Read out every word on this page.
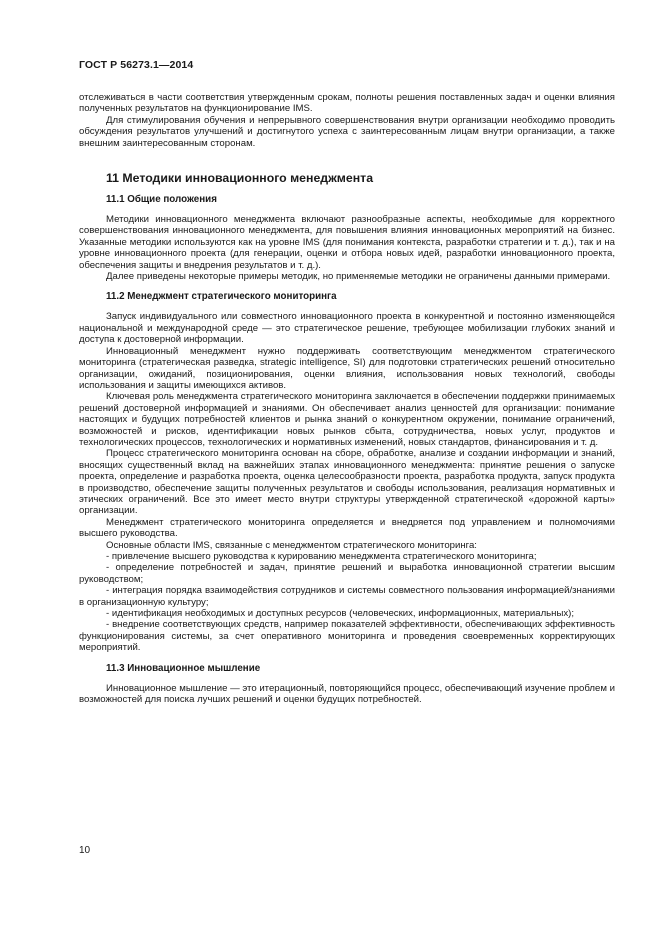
ГОСТ Р 56273.1—2014

отслеживаться в части соответствия утвержденным срокам, полноты решения поставленных задач и оценки влияния полученных результатов на функционирование IMS.

Для стимулирования обучения и непрерывного совершенствования внутри организации необходимо проводить обсуждения результатов улучшений и достигнутого успеха с заинтересованным лицам внутри организации, а также внешним заинтересованным сторонам.

11 Методики инновационного менеджмента
11.1 Общие положения

Методики инновационного менеджмента включают разнообразные аспекты, необходимые для корректного совершенствования инновационного менеджмента, для повышения влияния инновационных мероприятий на бизнес. Указанные методики используются как на уровне IMS (для понимания контекста, разработки стратегии и т. д.), так и на уровне инновационного проекта (для генерации, оценки и отбора новых идей, разработки инновационного проекта, обеспечения защиты и внедрения результатов и т. д.).

Далее приведены некоторые примеры методик, но применяемые методики не ограничены данными примерами.

11.2 Менеджмент стратегического мониторинга

Запуск индивидуального или совместного инновационного проекта в конкурентной и постоянно изменяющейся национальной и международной среде — это стратегическое решение, требующее мобилизации глубоких знаний и доступа к достоверной информации.

Инновационный менеджмент нужно поддерживать соответствующим менеджментом стратегического мониторинга (стратегическая разведка, strategic intelligence, SI) для подготовки стратегических решений относительно организации, ожиданий, позиционирования, оценки влияния, использования новых технологий, свободы использования и защиты имеющихся активов.

Ключевая роль менеджмента стратегического мониторинга заключается в обеспечении поддержки принимаемых решений достоверной информацией и знаниями. Он обеспечивает анализ ценностей для организации: понимание настоящих и будущих потребностей клиентов и рынка знаний о конкурентном окружении, понимание ограничений, возможностей и рисков, идентификации новых рынков сбыта, сотрудничества, новых услуг, продуктов и технологических процессов, технологических и нормативных изменений, новых стандартов, финансирования и т. д.

Процесс стратегического мониторинга основан на сборе, обработке, анализе и создании информации и знаний, вносящих существенный вклад на важнейших этапах инновационного менеджмента: принятие решения о запуске проекта, определение и разработка проекта, оценка целесообразности проекта, разработка продукта, запуск продукта в производство, обеспечение защиты полученных результатов и свободы использования, реализация нормативных и этических ограничений. Все это имеет место внутри структуры утвержденной стратегической «дорожной карты» организации.

Менеджмент стратегического мониторинга определяется и внедряется под управлением и полномочиями высшего руководства.

Основные области IMS, связанные с менеджментом стратегического мониторинга:

- привлечение высшего руководства к курированию менеджмента стратегического мониторинга;

- определение потребностей и задач, принятие решений и выработка инновационной стратегии высшим руководством;

- интеграция порядка взаимодействия сотрудников и системы совместного пользования информацией/знаниями в организационную культуру;

- идентификация необходимых и доступных ресурсов (человеческих, информационных, материальных);

- внедрение соответствующих средств, например показателей эффективности, обеспечивающих эффективность функционирования системы, за счет оперативного мониторинга и проведения своевременных корректирующих мероприятий.

11.3 Инновационное мышление

Инновационное мышление — это итерационный, повторяющийся процесс, обеспечивающий изучение проблем и возможностей для поиска лучших решений и оценки будущих потребностей.

10
